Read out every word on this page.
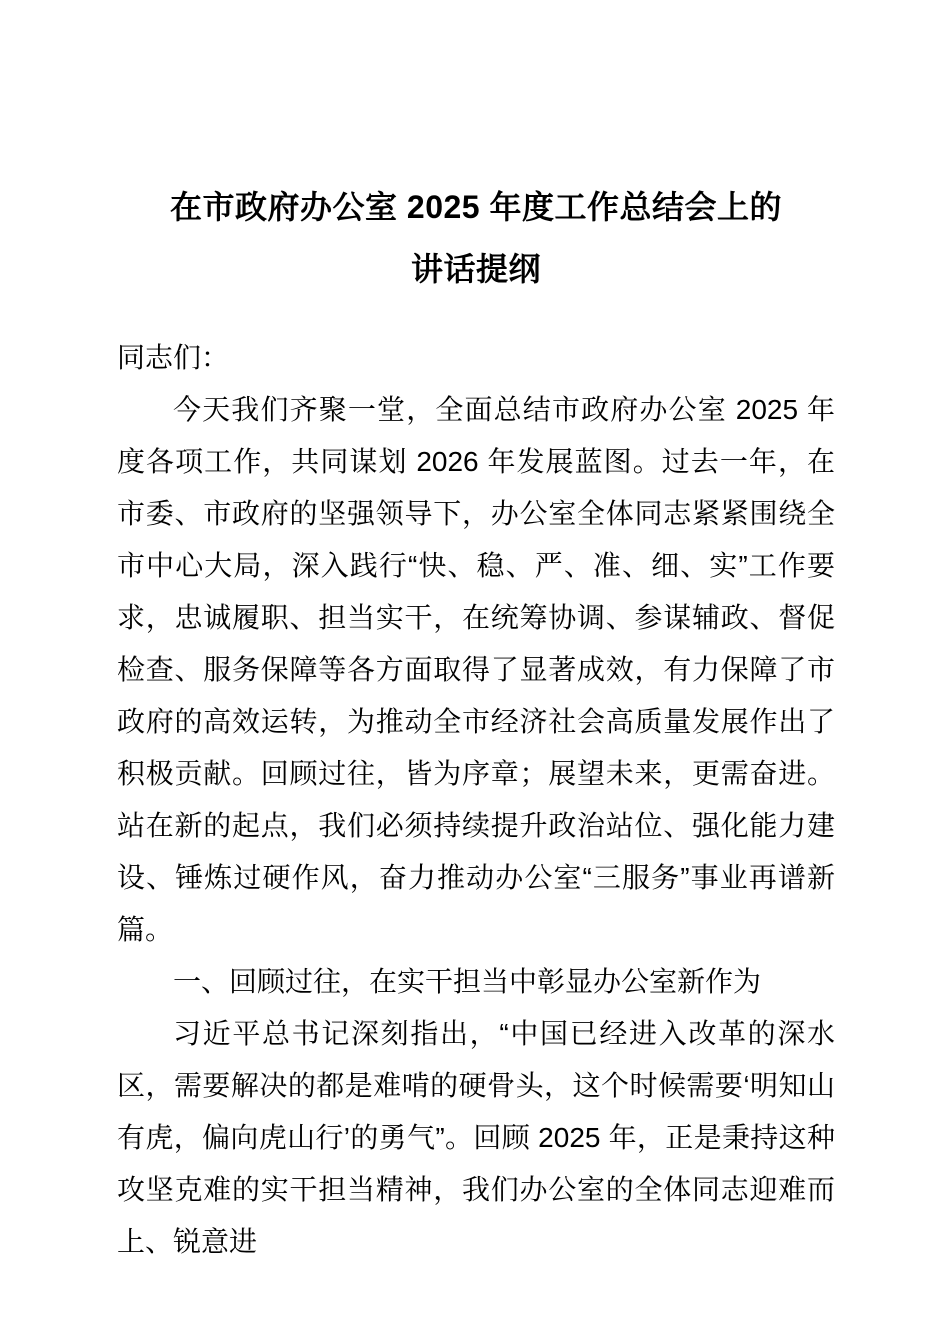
在市政府办公室 2025 年度工作总结会上的
讲话提纲

同志们：

今天我们齐聚一堂，全面总结市政府办公室 2025 年度各项工作，共同谋划 2026 年发展蓝图。过去一年，在市委、市政府的坚强领导下，办公室全体同志紧紧围绕全市中心大局，深入践行“快、稳、严、准、细、实”工作要求，忠诚履职、担当实干，在统筹协调、参谋辅政、督促检查、服务保障等各方面取得了显著成效，有力保障了市政府的高效运转，为推动全市经济社会高质量发展作出了积极贡献。回顾过往，皆为序章；展望未来，更需奋进。站在新的起点，我们必须持续提升政治站位、强化能力建设、锤炼过硬作风，奋力推动办公室“三服务”事业再谱新篇。

一、回顾过往，在实干担当中彰显办公室新作为

习近平总书记深刻指出，“中国已经进入改革的深水区，需要解决的都是难啃的硬骨头，这个时候需要‘明知山有虎，偏向虎山行’的勇气”。回顾 2025 年，正是秉持这种攻坚克难的实干担当精神，我们办公室的全体同志迎难而上、锐意进
